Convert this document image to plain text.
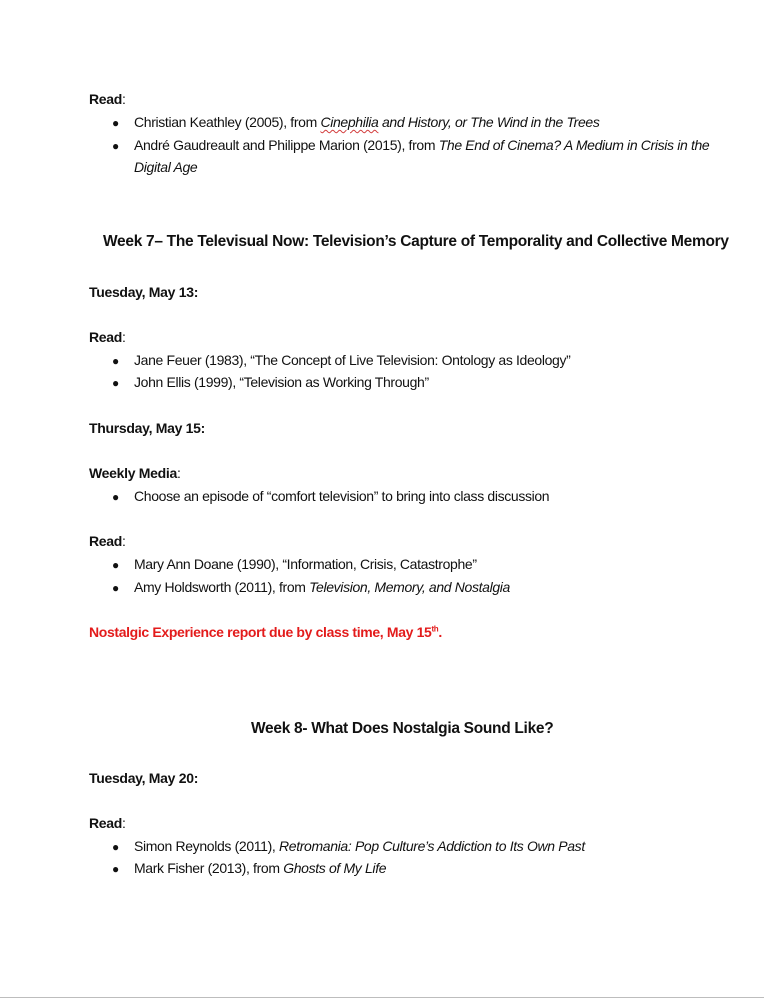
Read:
● Christian Keathley (2005), from Cinephilia and History, or The Wind in the Trees
● André Gaudreault and Philippe Marion (2015), from The End of Cinema? A Medium in Crisis in the
Digital Age
Week 7– The Televisual Now: Television’s Capture of Temporality and Collective Memory
Tuesday, May 13:
Read:
● Jane Feuer (1983), “The Concept of Live Television: Ontology as Ideology”
● John Ellis (1999), “Television as Working Through”
Thursday, May 15:
Weekly Media:
● Choose an episode of “comfort television” to bring into class discussion
Read:
● Mary Ann Doane (1990), “Information, Crisis, Catastrophe”
● Amy Holdsworth (2011), from Television, Memory, and Nostalgia
Nostalgic Experience report due by class time, May 15th.
Week 8- What Does Nostalgia Sound Like?
Tuesday, May 20:
Read:
● Simon Reynolds (2011), Retromania: Pop Culture’s Addiction to Its Own Past
● Mark Fisher (2013), from Ghosts of My Life
